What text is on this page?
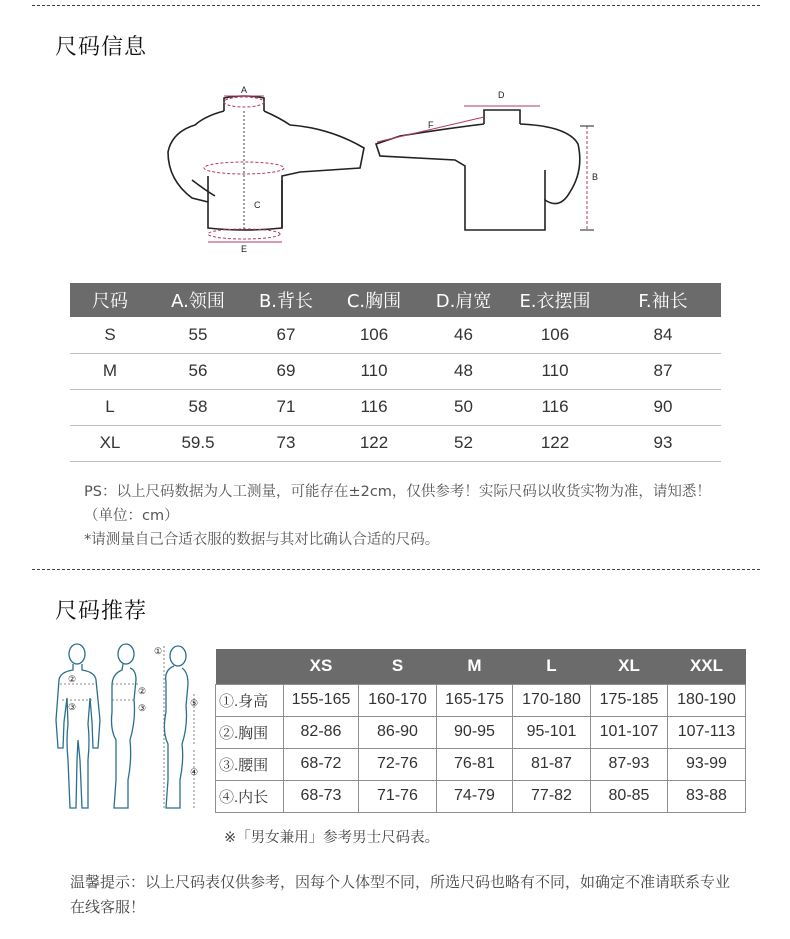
尺码信息
A
C
E
D
F
B
尺码	A.领围	B.背长	C.胸围	D.肩宽	E.衣摆围	F.袖长
S	55	67	106	46	106	84
M	56	69	110	48	110	87
L	58	71	116	50	116	90
XL	59.5	73	122	52	122	93
PS：以上尺码数据为人工测量，可能存在±2cm，仅供参考！实际尺码以收货实物为准，请知悉！（单位：cm）
*请测量自己合适衣服的数据与其对比确认合适的尺码。
尺码推荐
②
③
②
③
①
⑤
④
	XS	S	M	L	XL	XXL
①.身高	155-165	160-170	165-175	170-180	175-185	180-190
②.胸围	82-86	86-90	90-95	95-101	101-107	107-113
③.腰围	68-72	72-76	76-81	81-87	87-93	93-99
④.内长	68-73	71-76	74-79	77-82	80-85	83-88
※「男女兼用」参考男士尺码表。
温馨提示：以上尺码表仅供参考，因每个人体型不同，所选尺码也略有不同，如确定不准请联系专业在线客服！
